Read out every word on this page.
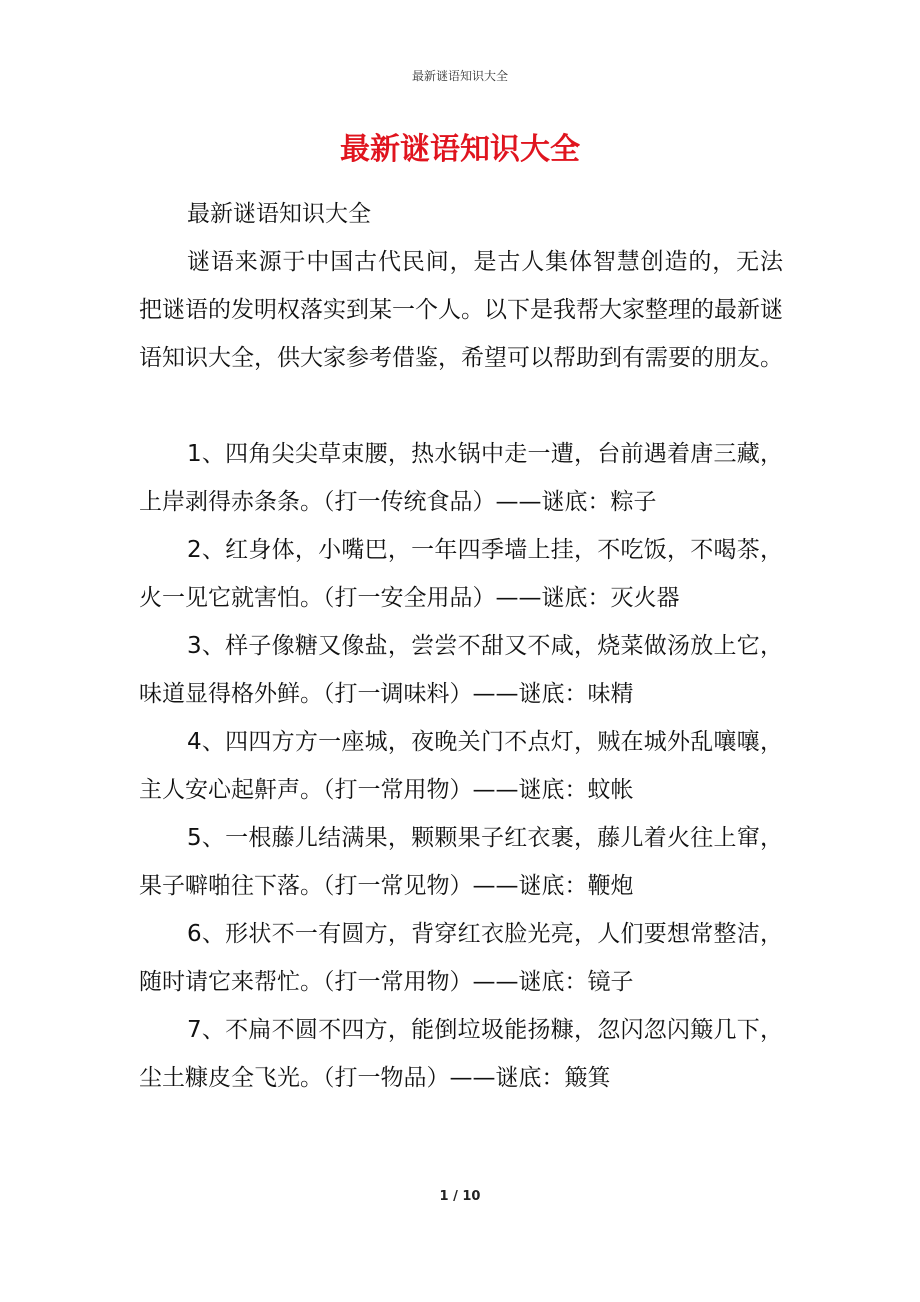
最新谜语知识大全
最新谜语知识大全

最新谜语知识大全

谜语来源于中国古代民间，是古人集体智慧创造的，无法把谜语的发明权落实到某一个人。以下是我帮大家整理的最新谜语知识大全，供大家参考借鉴，希望可以帮助到有需要的朋友。

1、四角尖尖草束腰，热水锅中走一遭，台前遇着唐三藏，上岸剥得赤条条。（打一传统食品）——谜底：粽子

2、红身体，小嘴巴，一年四季墙上挂，不吃饭，不喝茶，火一见它就害怕。（打一安全用品）——谜底：灭火器

3、样子像糖又像盐，尝尝不甜又不咸，烧菜做汤放上它，味道显得格外鲜。（打一调味料）——谜底：味精

4、四四方方一座城，夜晚关门不点灯，贼在城外乱嚷嚷，主人安心起鼾声。（打一常用物）——谜底：蚊帐

5、一根藤儿结满果，颗颗果子红衣裹，藤儿着火往上窜，果子噼啪往下落。（打一常见物）——谜底：鞭炮

6、形状不一有圆方，背穿红衣脸光亮，人们要想常整洁，随时请它来帮忙。（打一常用物）——谜底：镜子

7、不扁不圆不四方，能倒垃圾能扬糠，忽闪忽闪簸几下，尘土糠皮全飞光。（打一物品）——谜底：簸箕

1 / 10
